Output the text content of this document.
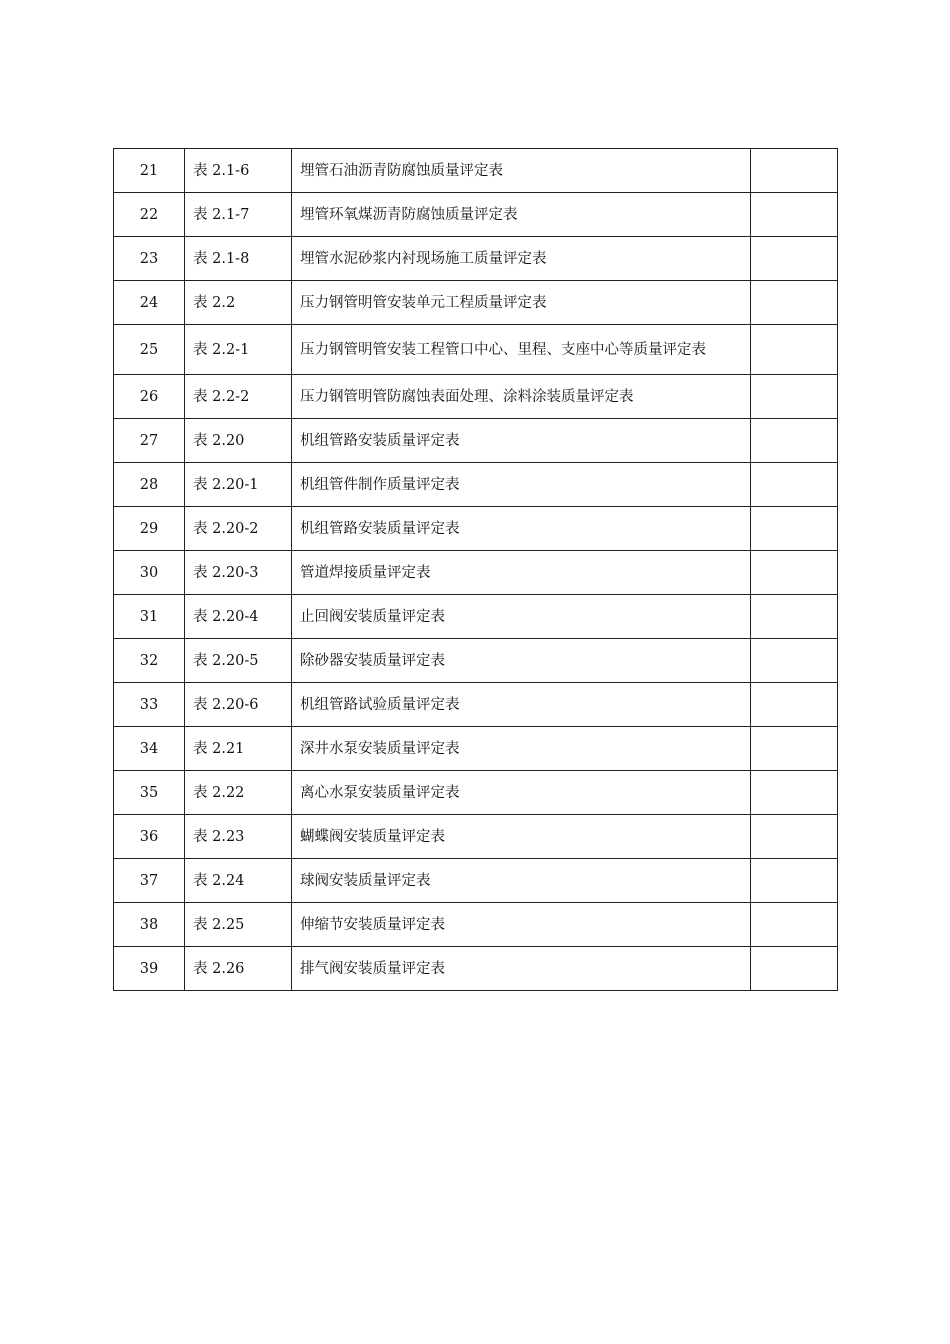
21	表 2.1-6	埋管石油沥青防腐蚀质量评定表	
22	表 2.1-7	埋管环氧煤沥青防腐蚀质量评定表	
23	表 2.1-8	埋管水泥砂浆内衬现场施工质量评定表	
24	表 2.2	压力钢管明管安装单元工程质量评定表	
25	表 2.2-1	压力钢管明管安装工程管口中心、里程、支座中心等质量评定表	
26	表 2.2-2	压力钢管明管防腐蚀表面处理、涂料涂装质量评定表	
27	表 2.20	机组管路安装质量评定表	
28	表 2.20-1	机组管件制作质量评定表	
29	表 2.20-2	机组管路安装质量评定表	
30	表 2.20-3	管道焊接质量评定表	
31	表 2.20-4	止回阀安装质量评定表	
32	表 2.20-5	除砂器安装质量评定表	
33	表 2.20-6	机组管路试验质量评定表	
34	表 2.21	深井水泵安装质量评定表	
35	表 2.22	离心水泵安装质量评定表	
36	表 2.23	蝴蝶阀安装质量评定表	
37	表 2.24	球阀安装质量评定表	
38	表 2.25	伸缩节安装质量评定表	
39	表 2.26	排气阀安装质量评定表	
